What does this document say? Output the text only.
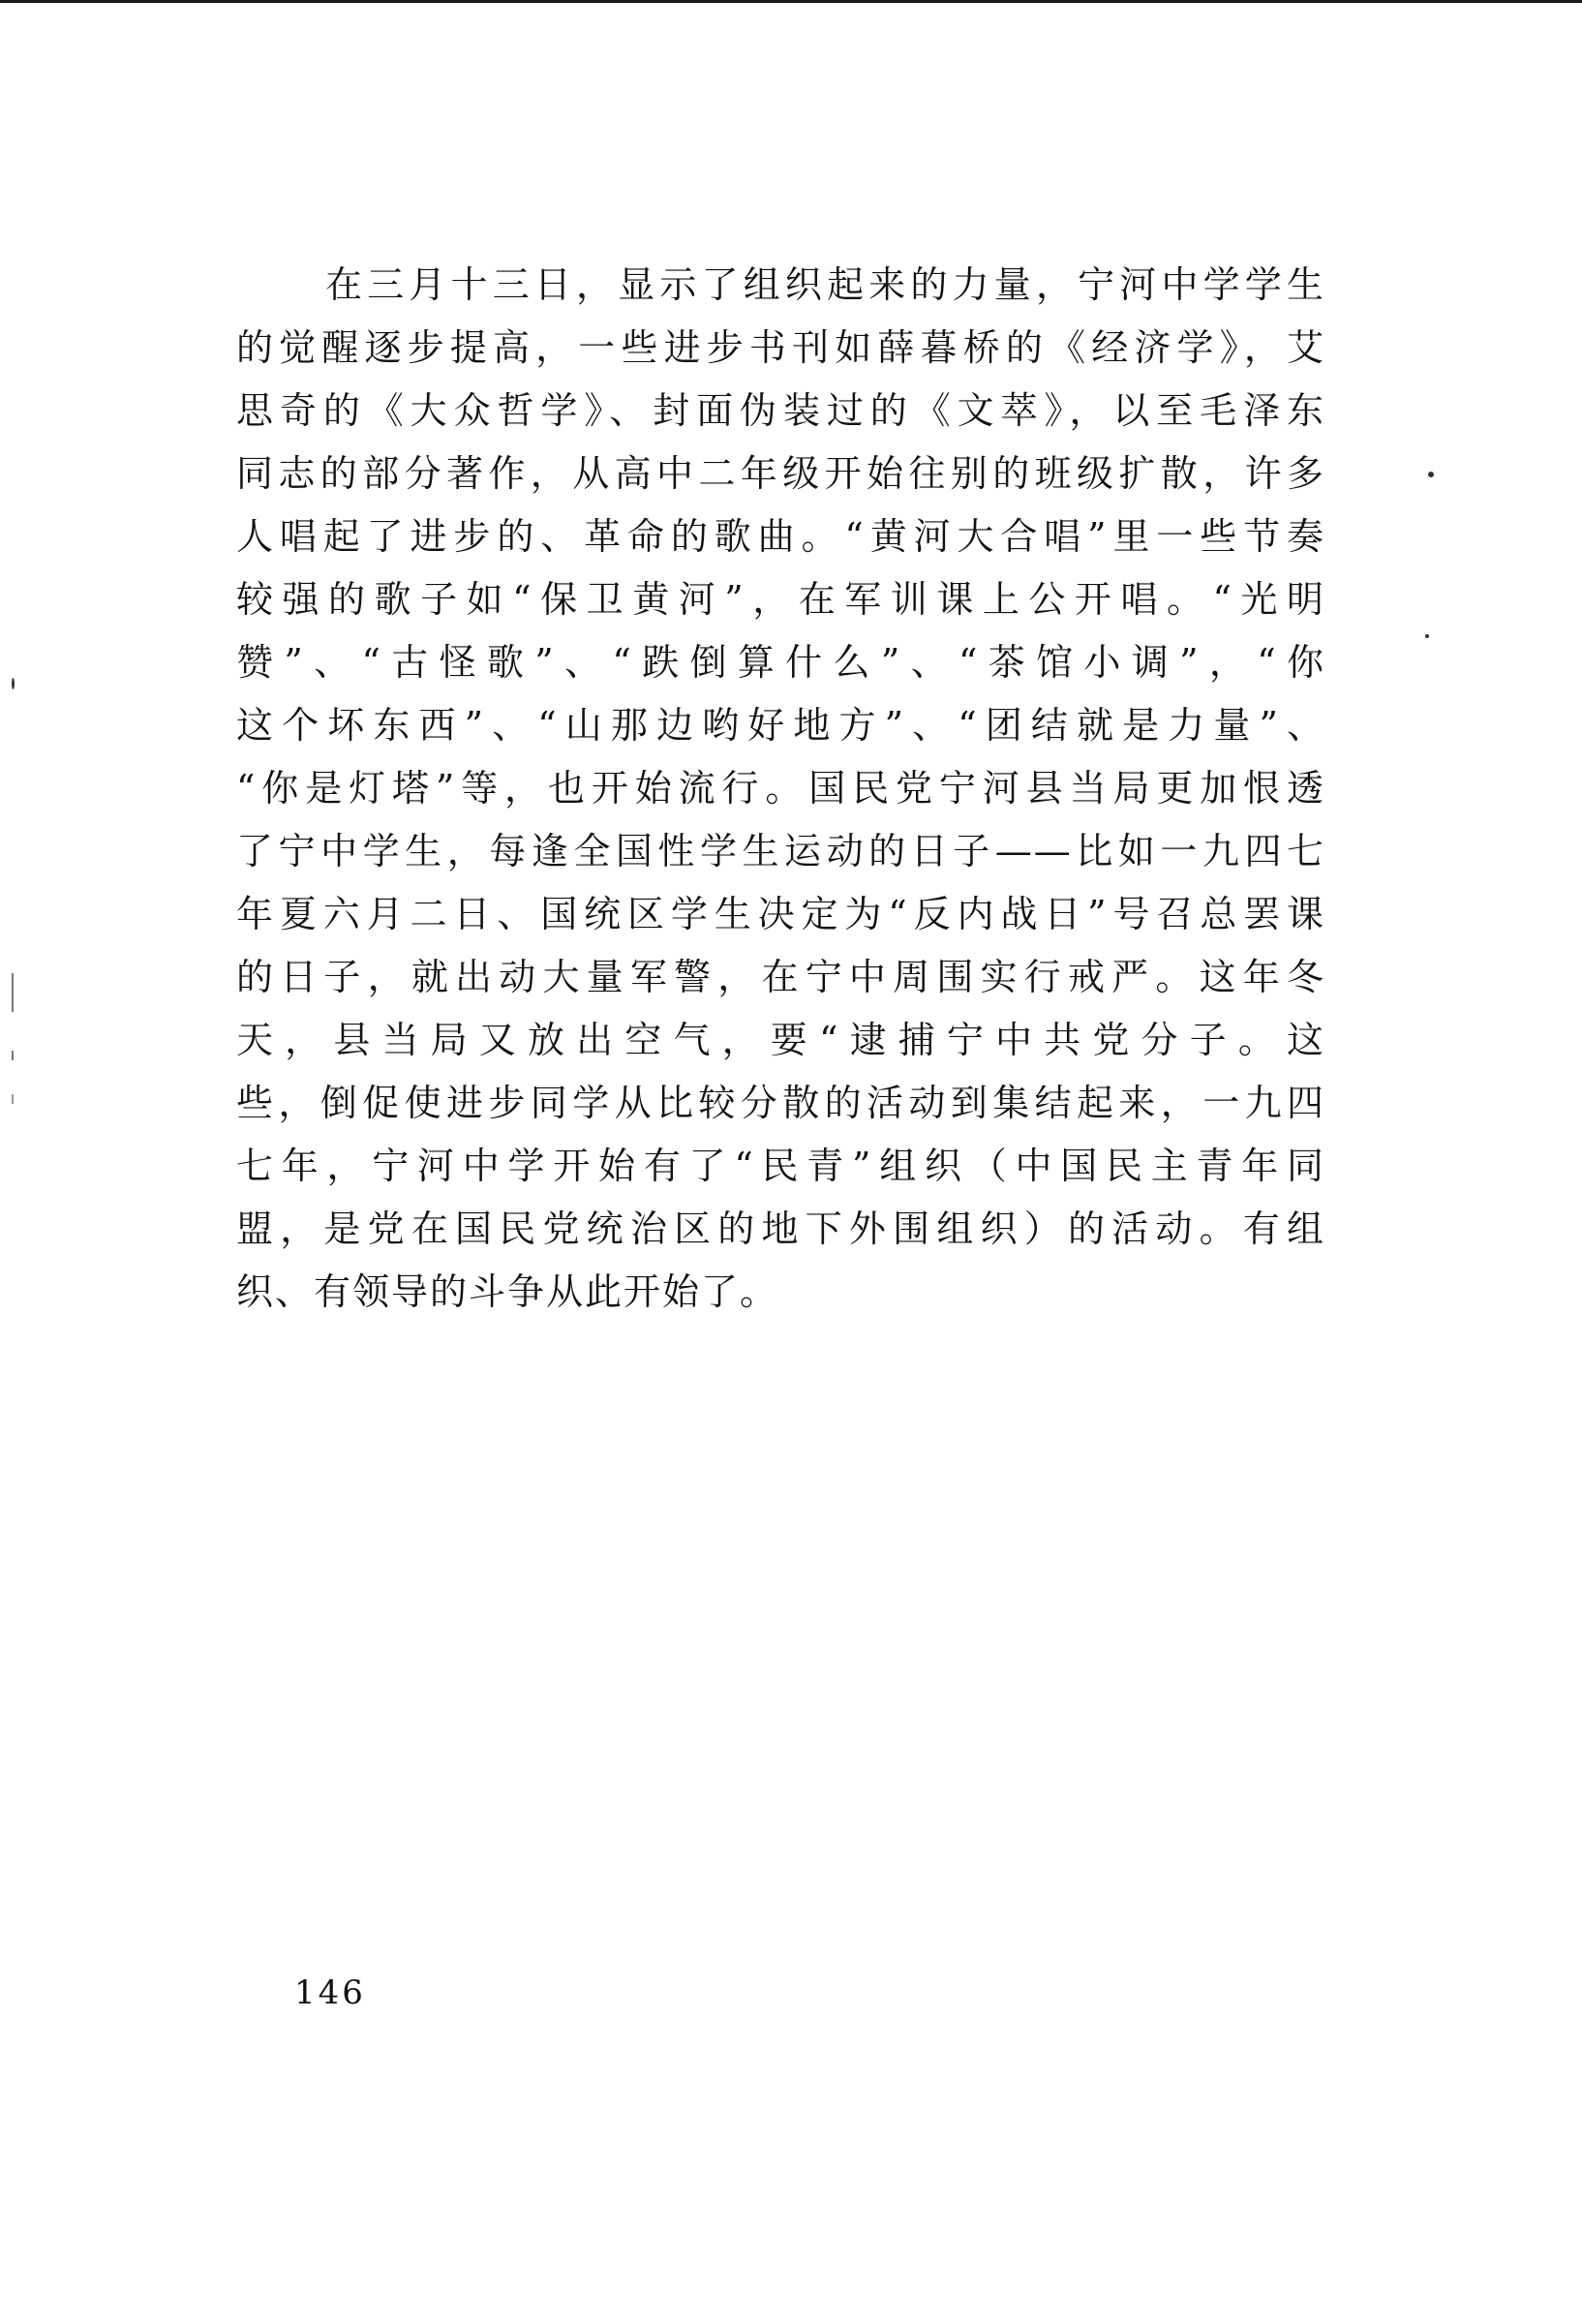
在三月十三日，显示了组织起来的力量，宁河中学学生
的觉醒逐步提高，一些进步书刊如薛暮桥的《经济学》，艾
思奇的《大众哲学》、封面伪装过的《文萃》，以至毛泽东
同志的部分著作，从高中二年级开始往别的班级扩散，许多
人唱起了进步的、革命的歌曲。“黄河大合唱”里一些节奏
较强的歌子如“保卫黄河”，在军训课上公开唱。“光明
赞”、“古怪歌”、“跌倒算什么”、“茶馆小调”，“你
这个坏东西”、“山那边哟好地方”、“团结就是力量”、
“你是灯塔”等，也开始流行。国民党宁河县当局更加恨透
了宁中学生，每逢全国性学生运动的日子——比如一九四七
年夏六月二日、国统区学生决定为“反内战日”号召总罢课
的日子，就出动大量军警，在宁中周围实行戒严。这年冬
天，县当局又放出空气，要“逮捕宁中共党分子。这
些，倒促使进步同学从比较分散的活动到集结起来，一九四
七年，宁河中学开始有了“民青”组织（中国民主青年同
盟，是党在国民党统治区的地下外围组织）的活动。有组
织、有领导的斗争从此开始了。
146
